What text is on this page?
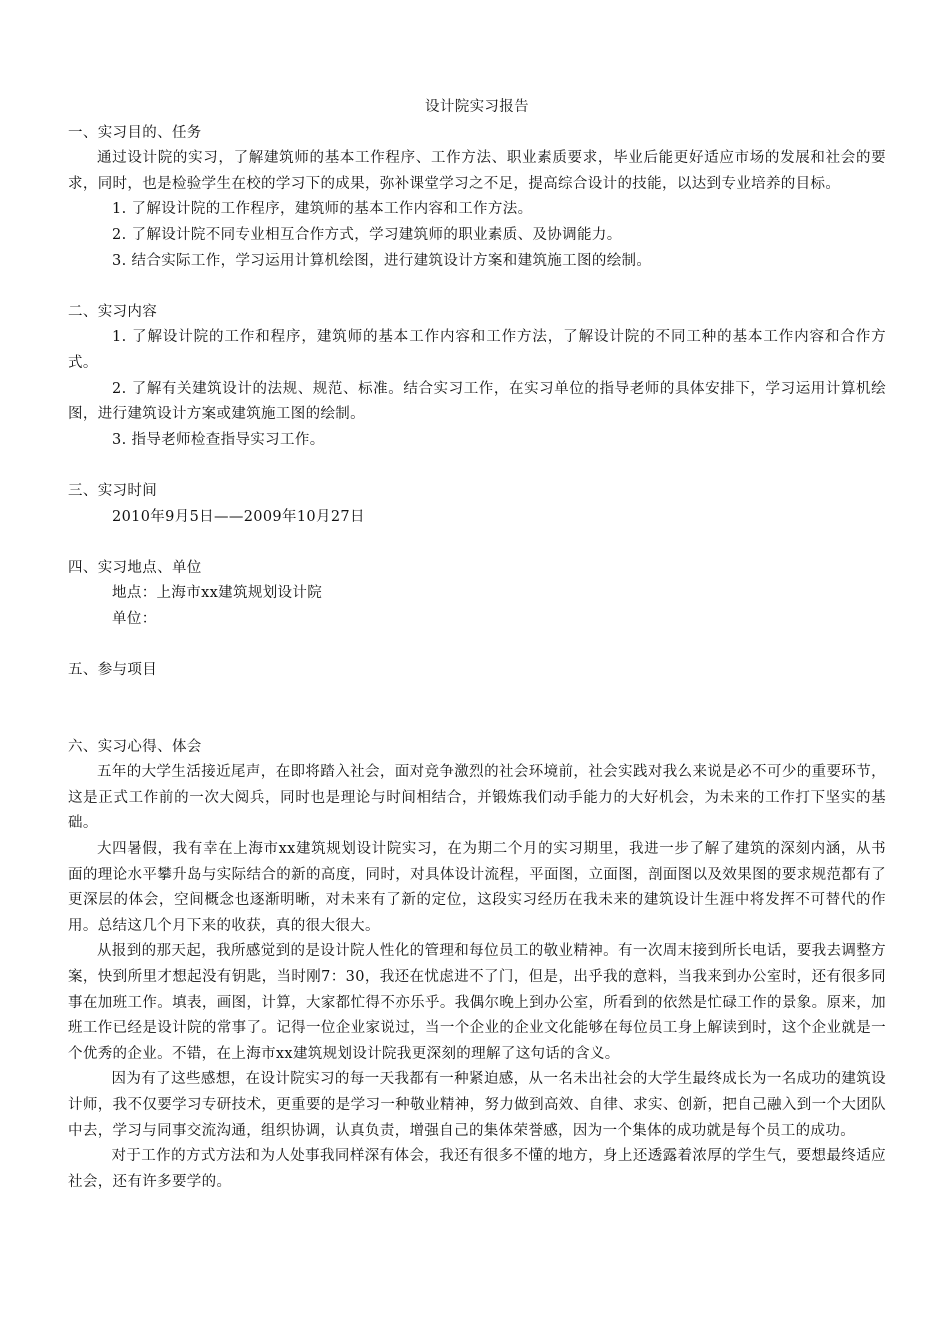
设计院实习报告

一、实习目的、任务

通过设计院的实习，了解建筑师的基本工作程序、工作方法、职业素质要求，毕业后能更好适应市场的发展和社会的要求，同时，也是检验学生在校的学习下的成果，弥补课堂学习之不足，提高综合设计的技能，以达到专业培养的目标。

1. 了解设计院的工作程序，建筑师的基本工作内容和工作方法。

2. 了解设计院不同专业相互合作方式，学习建筑师的职业素质、及协调能力。

3. 结合实际工作，学习运用计算机绘图，进行建筑设计方案和建筑施工图的绘制。

二、实习内容

1. 了解设计院的工作和程序，建筑师的基本工作内容和工作方法，了解设计院的不同工种的基本工作内容和合作方式。

2. 了解有关建筑设计的法规、规范、标准。结合实习工作，在实习单位的指导老师的具体安排下，学习运用计算机绘图，进行建筑设计方案或建筑施工图的绘制。

3. 指导老师检查指导实习工作。

三、实习时间

2010年9月5日——2009年10月27日

四、实习地点、单位

地点：上海市xx建筑规划设计院

单位：

五、参与项目

六、实习心得、体会

五年的大学生活接近尾声，在即将踏入社会，面对竞争激烈的社会环境前，社会实践对我么来说是必不可少的重要环节，这是正式工作前的一次大阅兵，同时也是理论与时间相结合，并锻炼我们动手能力的大好机会，为未来的工作打下坚实的基础。

大四暑假，我有幸在上海市xx建筑规划设计院实习，在为期二个月的实习期里，我进一步了解了建筑的深刻内涵，从书面的理论水平攀升岛与实际结合的新的高度，同时，对具体设计流程，平面图，立面图，剖面图以及效果图的要求规范都有了更深层的体会，空间概念也逐渐明晰，对未来有了新的定位，这段实习经历在我未来的建筑设计生涯中将发挥不可替代的作用。总结这几个月下来的收获，真的很大很大。

从报到的那天起，我所感觉到的是设计院人性化的管理和每位员工的敬业精神。有一次周末接到所长电话，要我去调整方案，快到所里才想起没有钥匙，当时刚7：30，我还在忧虑进不了门，但是，出乎我的意料，当我来到办公室时，还有很多同事在加班工作。填表，画图，计算，大家都忙得不亦乐乎。我偶尔晚上到办公室，所看到的依然是忙碌工作的景象。原来，加班工作已经是设计院的常事了。记得一位企业家说过，当一个企业的企业文化能够在每位员工身上解读到时，这个企业就是一个优秀的企业。不错，在上海市xx建筑规划设计院我更深刻的理解了这句话的含义。

因为有了这些感想，在设计院实习的每一天我都有一种紧迫感，从一名未出社会的大学生最终成长为一名成功的建筑设计师，我不仅要学习专研技术，更重要的是学习一种敬业精神，努力做到高效、自律、求实、创新，把自己融入到一个大团队中去，学习与同事交流沟通，组织协调，认真负责，增强自己的集体荣誉感，因为一个集体的成功就是每个员工的成功。

对于工作的方式方法和为人处事我同样深有体会，我还有很多不懂的地方，身上还透露着浓厚的学生气，要想最终适应社会，还有许多要学的。
